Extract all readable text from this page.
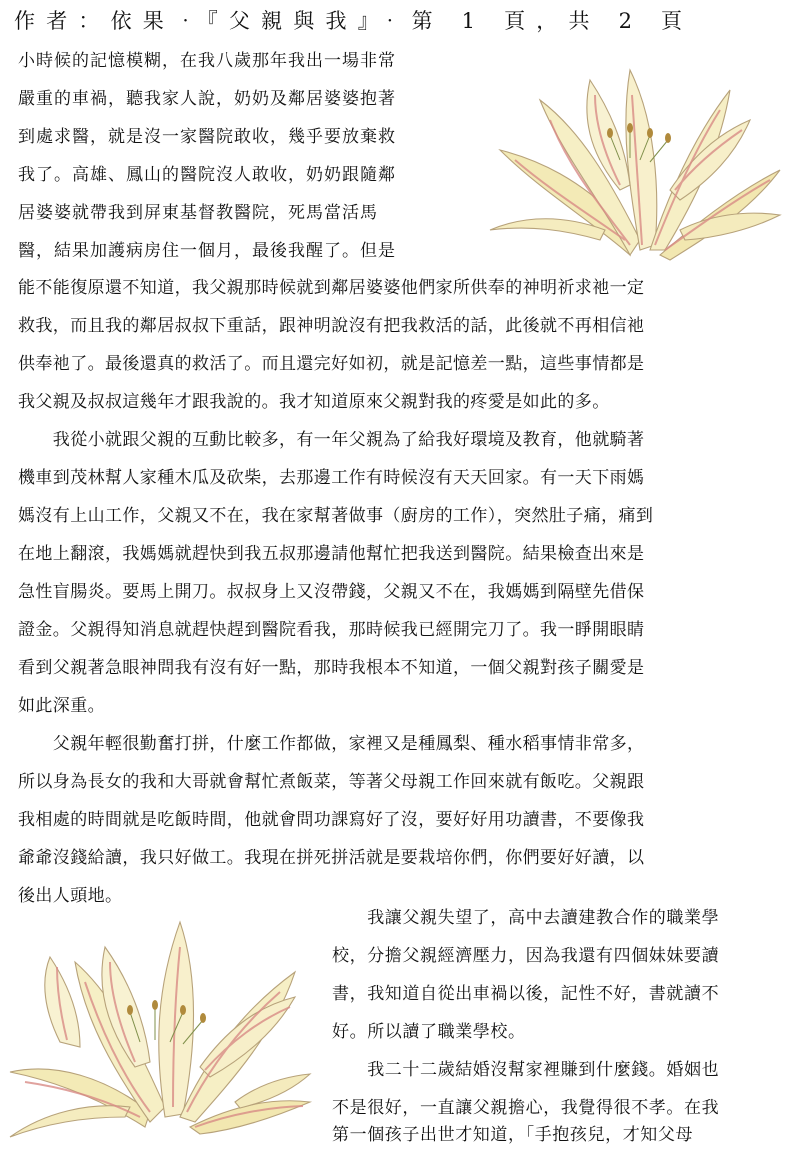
作者：依果‧『父親與我』‧第 1 頁，共 2 頁
小時候的記憶模糊，在我八歲那年我出一場非常
嚴重的車禍，聽我家人說，奶奶及鄰居婆婆抱著
到處求醫，就是沒一家醫院敢收，幾乎要放棄救
我了。高雄、鳳山的醫院沒人敢收，奶奶跟隨鄰
居婆婆就帶我到屏東基督教醫院，死馬當活馬
醫，結果加護病房住一個月，最後我醒了。但是
能不能復原還不知道，我父親那時候就到鄰居婆婆他們家所供奉的神明祈求祂一定
救我，而且我的鄰居叔叔下重話，跟神明說沒有把我救活的話，此後就不再相信祂
供奉祂了。最後還真的救活了。而且還完好如初，就是記憶差一點，這些事情都是
我父親及叔叔這幾年才跟我說的。我才知道原來父親對我的疼愛是如此的多。
　　我從小就跟父親的互動比較多，有一年父親為了給我好環境及教育，他就騎著
機車到茂林幫人家種木瓜及砍柴，去那邊工作有時候沒有天天回家。有一天下雨媽
媽沒有上山工作，父親又不在，我在家幫著做事（廚房的工作），突然肚子痛，痛到
在地上翻滾，我媽媽就趕快到我五叔那邊請他幫忙把我送到醫院。結果檢查出來是
急性盲腸炎。要馬上開刀。叔叔身上又沒帶錢，父親又不在，我媽媽到隔壁先借保
證金。父親得知消息就趕快趕到醫院看我，那時候我已經開完刀了。我一睜開眼睛
看到父親著急眼神問我有沒有好一點，那時我根本不知道，一個父親對孩子關愛是
如此深重。
　　父親年輕很勤奮打拼，什麼工作都做，家裡又是種鳳梨、種水稻事情非常多，
所以身為長女的我和大哥就會幫忙煮飯菜，等著父母親工作回來就有飯吃。父親跟
我相處的時間就是吃飯時間，他就會問功課寫好了沒，要好好用功讀書，不要像我
爺爺沒錢給讀，我只好做工。我現在拼死拼活就是要栽培你們，你們要好好讀，以
後出人頭地。
　　我讓父親失望了，高中去讀建教合作的職業學
校，分擔父親經濟壓力，因為我還有四個妹妹要讀
書，我知道自從出車禍以後，記性不好，書就讀不
好。所以讀了職業學校。
　　我二十二歲結婚沒幫家裡賺到什麼錢。婚姻也
不是很好，一直讓父親擔心，我覺得很不孝。在我
第一個孩子出世才知道，「手抱孩兒，才知父母
